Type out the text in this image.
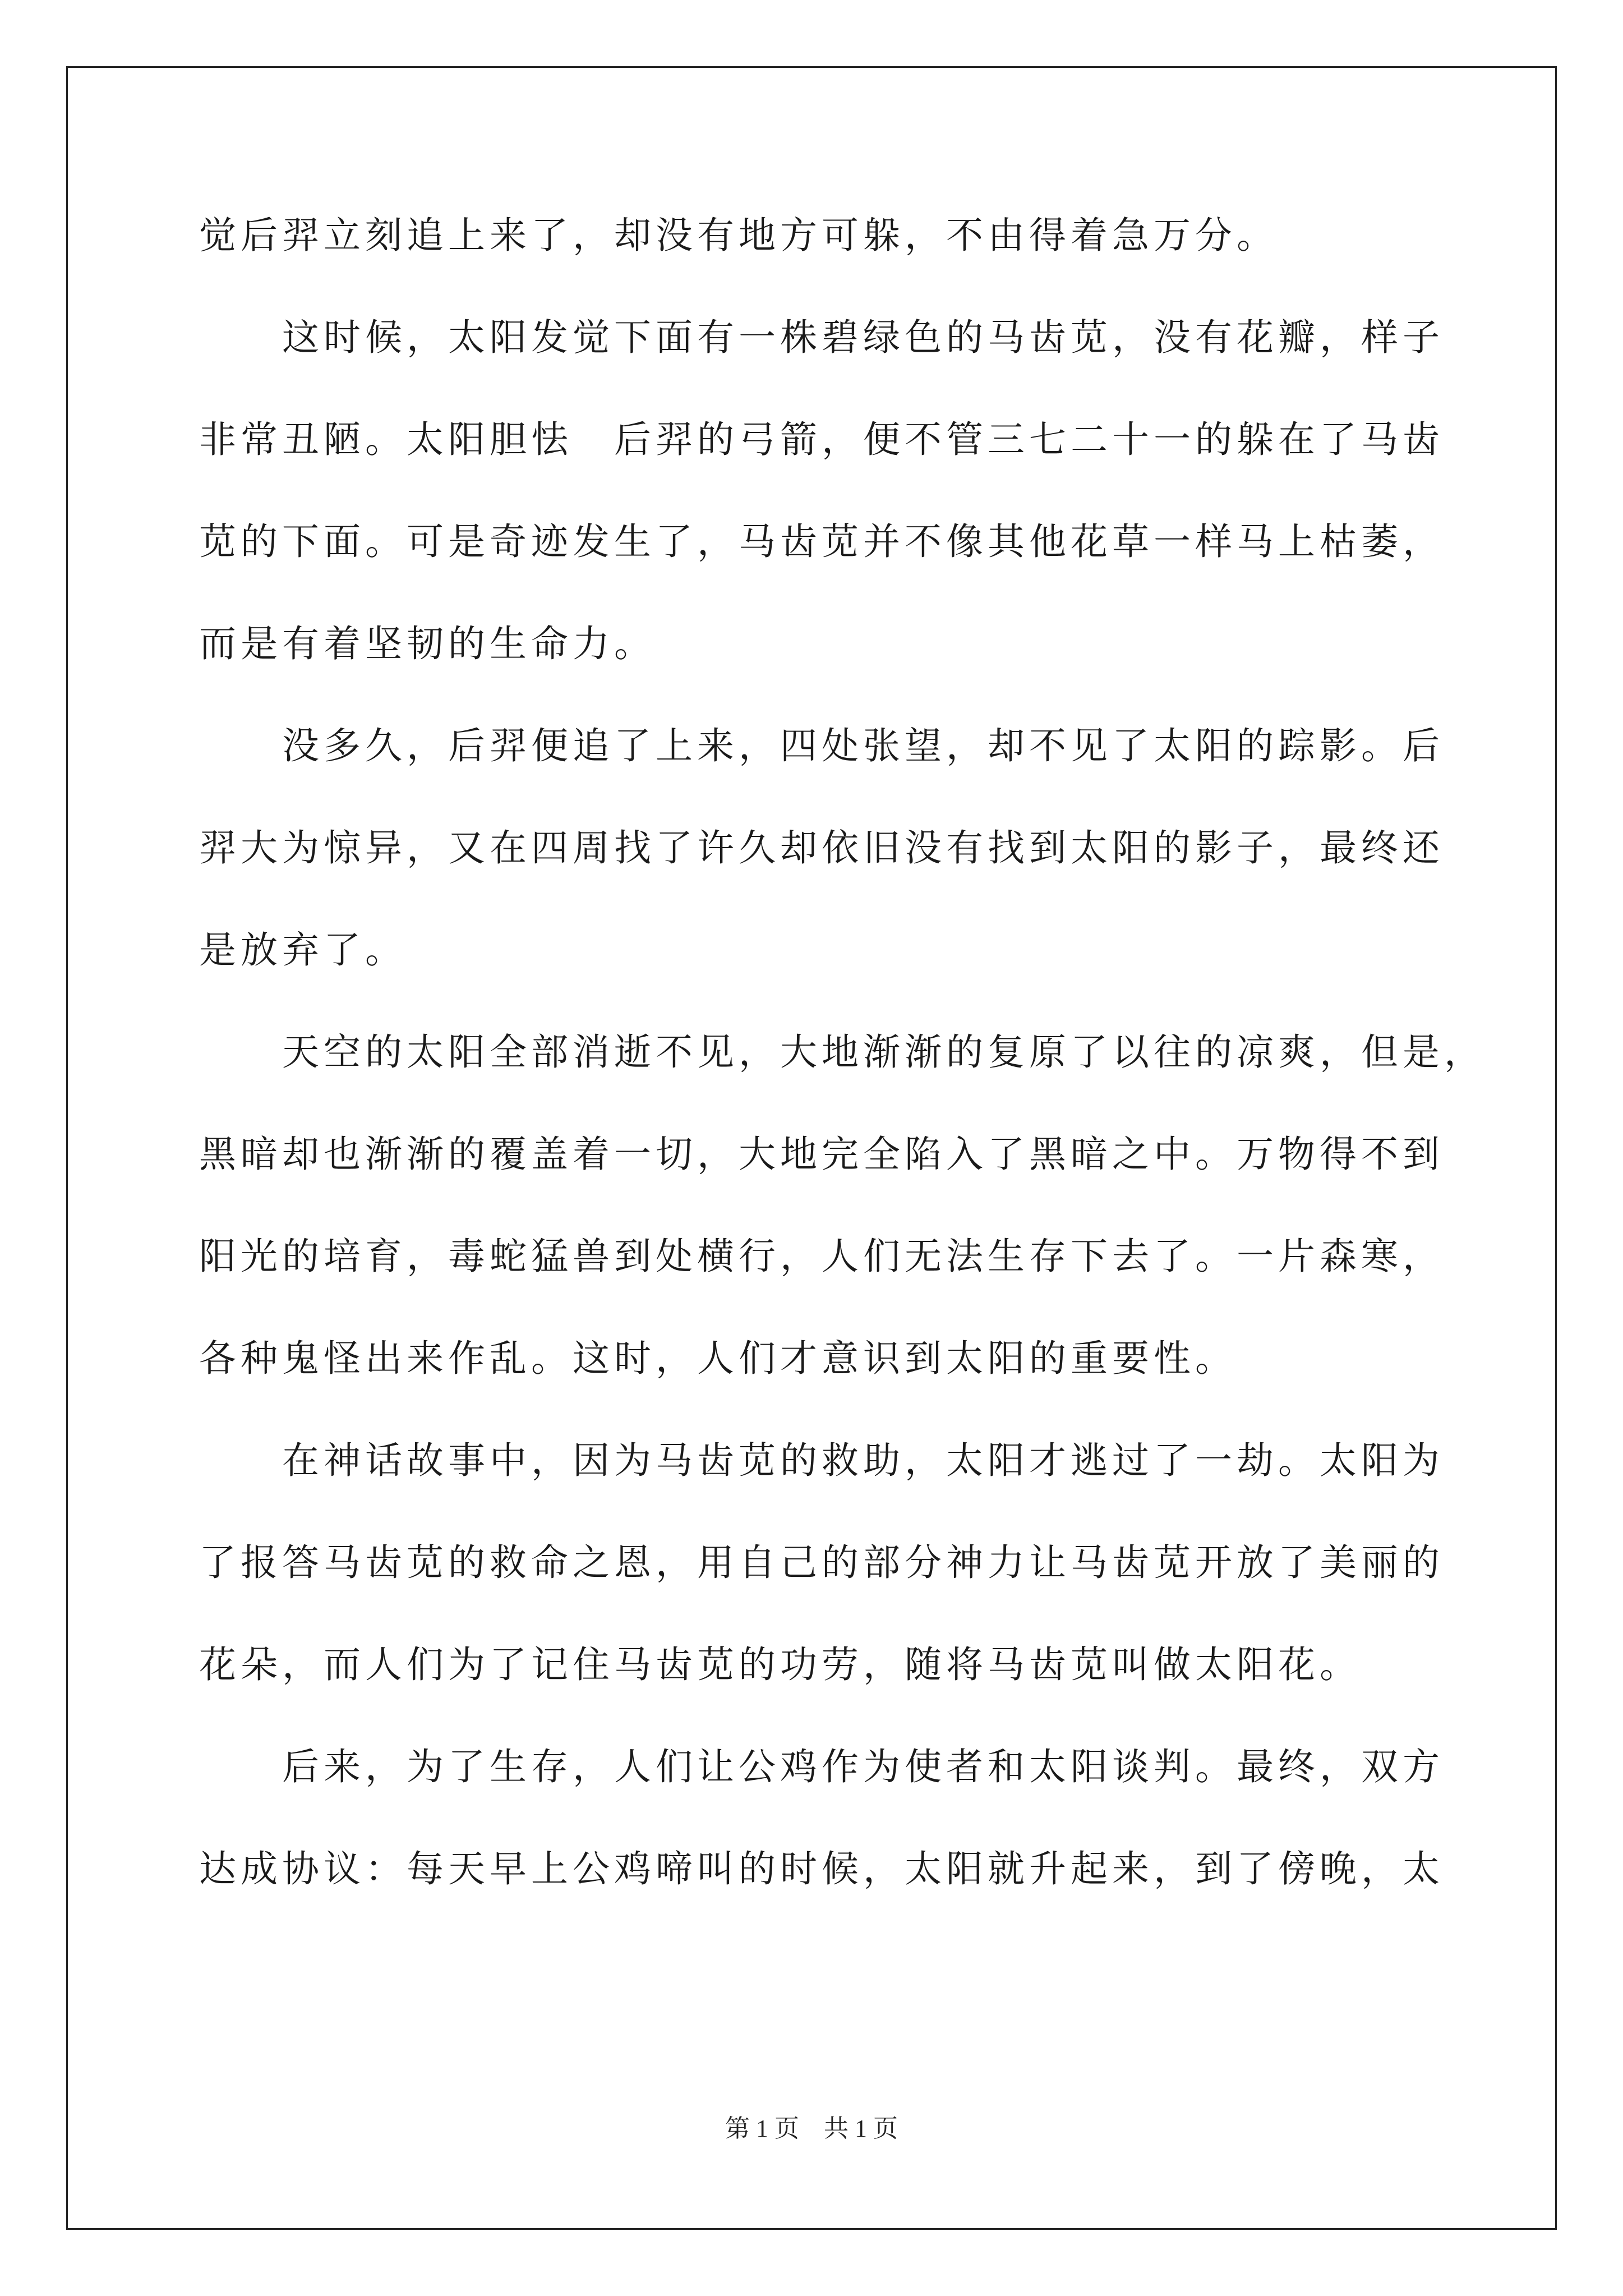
觉后羿立刻追上来了，却没有地方可躲，不由得着急万分。
这时候，太阳发觉下面有一株碧绿色的马齿苋，没有花瓣，样子
非常丑陋。太阳胆怯　后羿的弓箭，便不管三七二十一的躲在了马齿
苋的下面。可是奇迹发生了，马齿苋并不像其他花草一样马上枯萎，
而是有着坚韧的生命力。
没多久，后羿便追了上来，四处张望，却不见了太阳的踪影。后
羿大为惊异，又在四周找了许久却依旧没有找到太阳的影子，最终还
是放弃了。
天空的太阳全部消逝不见，大地渐渐的复原了以往的凉爽，但是，
黑暗却也渐渐的覆盖着一切，大地完全陷入了黑暗之中。万物得不到
阳光的培育，毒蛇猛兽到处横行，人们无法生存下去了。一片森寒，
各种鬼怪出来作乱。这时，人们才意识到太阳的重要性。
在神话故事中，因为马齿苋的救助，太阳才逃过了一劫。太阳为
了报答马齿苋的救命之恩，用自己的部分神力让马齿苋开放了美丽的
花朵，而人们为了记住马齿苋的功劳，随将马齿苋叫做太阳花。
后来，为了生存，人们让公鸡作为使者和太阳谈判。最终，双方
达成协议：每天早上公鸡啼叫的时候，太阳就升起来，到了傍晚，太
第 1 页 共 1 页
